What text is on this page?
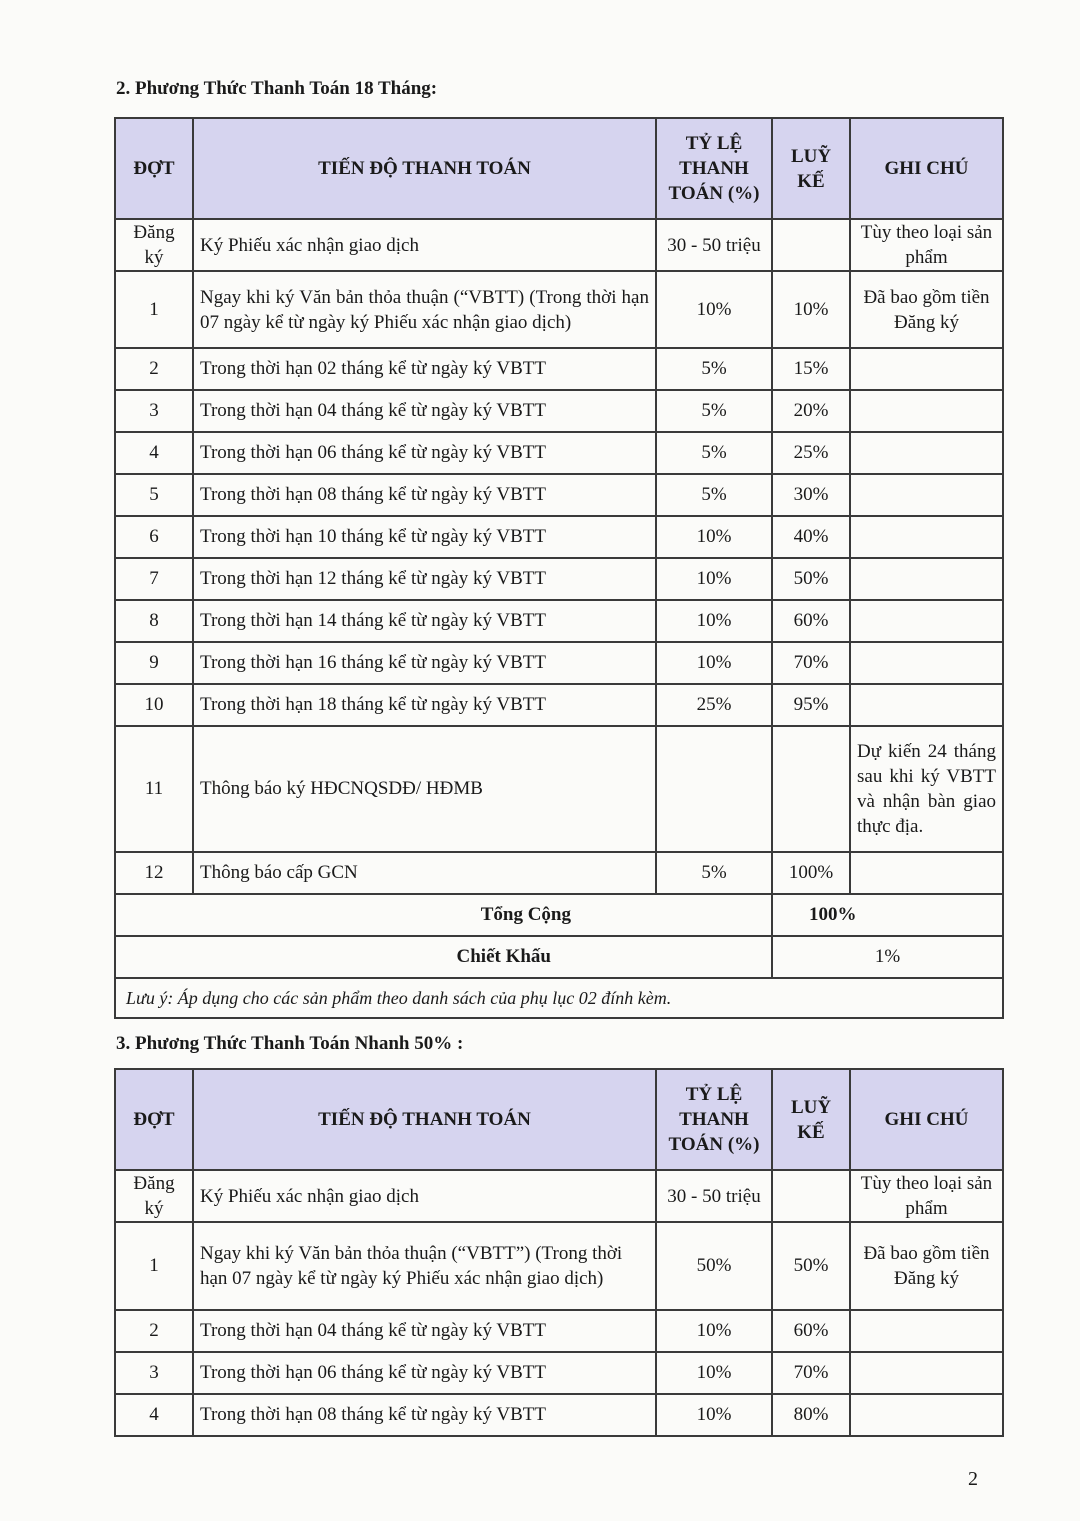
2. Phương Thức Thanh Toán 18 Tháng:
ĐỢT	TIẾN ĐỘ THANH TOÁN	TỶ LỆ THANH TOÁN (%)	LUỸ KẾ	GHI CHÚ
Đăng ký	Ký Phiếu xác nhận giao dịch	30 - 50 triệu		Tùy theo loại sản phẩm
1	Ngay khi ký Văn bản thỏa thuận (“VBTT) (Trong thời hạn 07 ngày kể từ ngày ký Phiếu xác nhận giao dịch)	10%	10%	Đã bao gồm tiền Đăng ký
2	Trong thời hạn 02 tháng kể từ ngày ký VBTT	5%	15%	
3	Trong thời hạn 04 tháng kể từ ngày ký VBTT	5%	20%	
4	Trong thời hạn 06 tháng kể từ ngày ký VBTT	5%	25%	
5	Trong thời hạn 08 tháng kể từ ngày ký VBTT	5%	30%	
6	Trong thời hạn 10 tháng kể từ ngày ký VBTT	10%	40%	
7	Trong thời hạn 12 tháng kể từ ngày ký VBTT	10%	50%	
8	Trong thời hạn 14 tháng kể từ ngày ký VBTT	10%	60%	
9	Trong thời hạn 16 tháng kể từ ngày ký VBTT	10%	70%	
10	Trong thời hạn 18 tháng kể từ ngày ký VBTT	25%	95%	
11	Thông báo ký HĐCNQSDĐ/ HĐMB			Dự kiến 24 tháng sau khi ký VBTT và nhận bàn giao thực địa.
12	Thông báo cấp GCN	5%	100%	
Tổng Cộng			100%	
Chiết Khấu			1%	
Lưu ý: Áp dụng cho các sản phẩm theo danh sách của phụ lục 02 đính kèm.				
3. Phương Thức Thanh Toán Nhanh 50% :
ĐỢT	TIẾN ĐỘ THANH TOÁN	TỶ LỆ THANH TOÁN (%)	LUỸ KẾ	GHI CHÚ
Đăng ký	Ký Phiếu xác nhận giao dịch	30 - 50 triệu		Tùy theo loại sản phẩm
1	Ngay khi ký Văn bản thỏa thuận (“VBTT”) (Trong thời hạn 07 ngày kể từ ngày ký Phiếu xác nhận giao dịch)	50%	50%	Đã bao gồm tiền Đăng ký
2	Trong thời hạn 04 tháng kể từ ngày ký VBTT	10%	60%	
3	Trong thời hạn 06 tháng kể từ ngày ký VBTT	10%	70%	
4	Trong thời hạn 08 tháng kể từ ngày ký VBTT	10%	80%	
2
